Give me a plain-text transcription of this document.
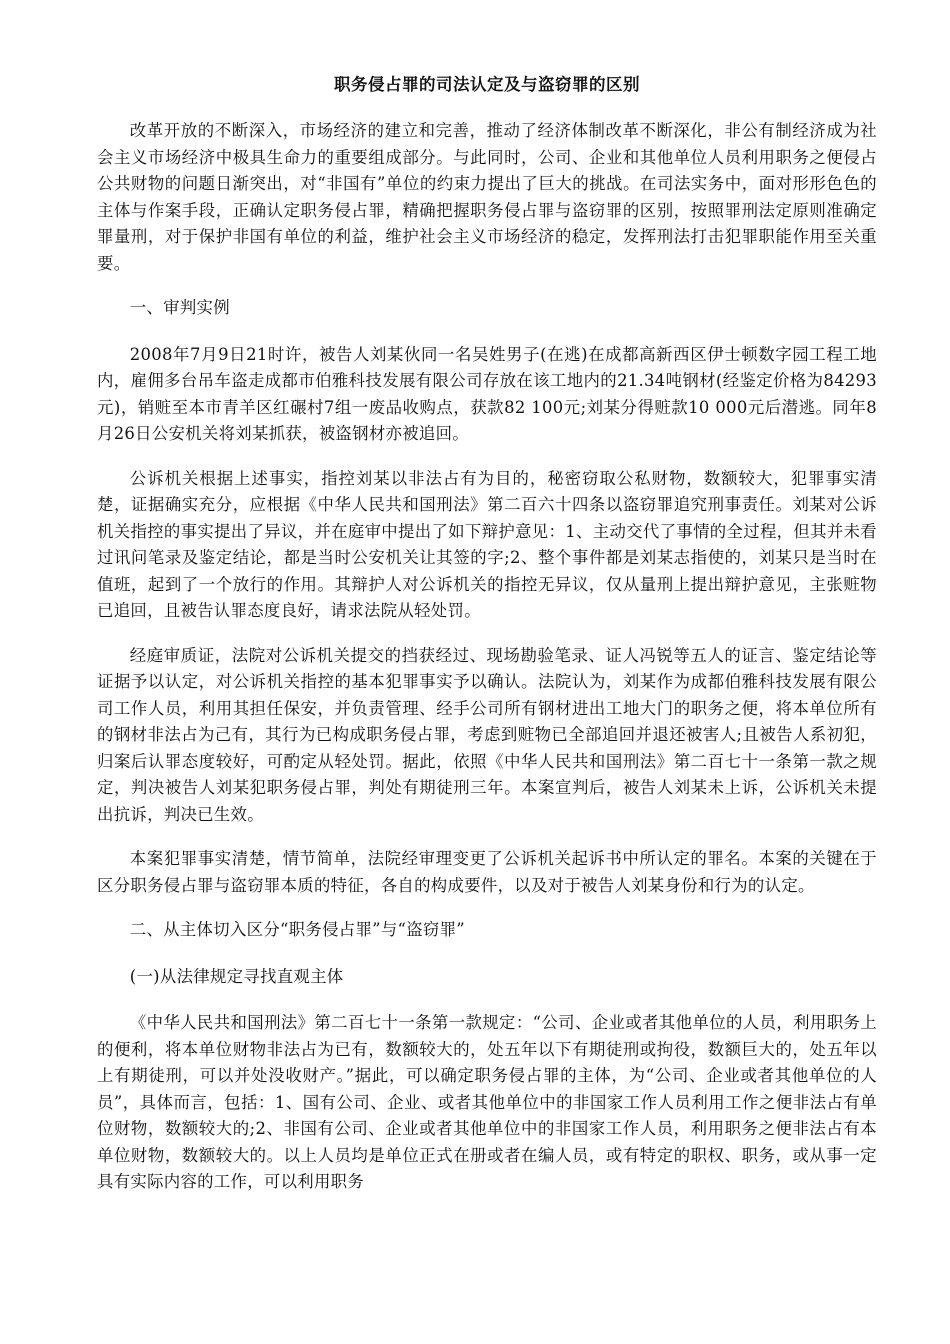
职务侵占罪的司法认定及与盗窃罪的区别

改革开放的不断深入，市场经济的建立和完善，推动了经济体制改革不断深化，非公有制经济成为社会主义市场经济中极具生命力的重要组成部分。与此同时，公司、企业和其他单位人员利用职务之便侵占公共财物的问题日渐突出，对“非国有”单位的约束力提出了巨大的挑战。在司法实务中，面对形形色色的主体与作案手段，正确认定职务侵占罪，精确把握职务侵占罪与盗窃罪的区别，按照罪刑法定原则准确定罪量刑，对于保护非国有单位的利益，维护社会主义市场经济的稳定，发挥刑法打击犯罪职能作用至关重要。

一、审判实例

2008年7月9日21时许，被告人刘某伙同一名吴姓男子(在逃)在成都高新西区伊士顿数字园工程工地内，雇佣多台吊车盗走成都市伯雅科技发展有限公司存放在该工地内的21.34吨钢材(经鉴定价格为84293元)，销赃至本市青羊区红碾村7组一废品收购点，获款82 100元;刘某分得赃款10 000元后潜逃。同年8月26日公安机关将刘某抓获，被盗钢材亦被追回。

公诉机关根据上述事实，指控刘某以非法占有为目的，秘密窃取公私财物，数额较大，犯罪事实清楚，证据确实充分，应根据《中华人民共和国刑法》第二百六十四条以盗窃罪追究刑事责任。刘某对公诉机关指控的事实提出了异议，并在庭审中提出了如下辩护意见：1、主动交代了事情的全过程，但其并未看过讯问笔录及鉴定结论，都是当时公安机关让其签的字;2、整个事件都是刘某志指使的，刘某只是当时在值班，起到了一个放行的作用。其辩护人对公诉机关的指控无异议，仅从量刑上提出辩护意见，主张赃物已追回，且被告认罪态度良好，请求法院从轻处罚。

经庭审质证，法院对公诉机关提交的挡获经过、现场勘验笔录、证人冯锐等五人的证言、鉴定结论等证据予以认定，对公诉机关指控的基本犯罪事实予以确认。法院认为，刘某作为成都伯雅科技发展有限公司工作人员，利用其担任保安，并负责管理、经手公司所有钢材进出工地大门的职务之便，将本单位所有的钢材非法占为己有，其行为已构成职务侵占罪，考虑到赃物已全部追回并退还被害人;且被告人系初犯，归案后认罪态度较好，可酌定从轻处罚。据此，依照《中华人民共和国刑法》第二百七十一条第一款之规定，判决被告人刘某犯职务侵占罪，判处有期徒刑三年。本案宣判后，被告人刘某未上诉，公诉机关未提出抗诉，判决已生效。

本案犯罪事实清楚，情节简单，法院经审理变更了公诉机关起诉书中所认定的罪名。本案的关键在于区分职务侵占罪与盗窃罪本质的特征，各自的构成要件，以及对于被告人刘某身份和行为的认定。

二、从主体切入区分“职务侵占罪”与“盗窃罪”

(一)从法律规定寻找直观主体

《中华人民共和国刑法》第二百七十一条第一款规定：“公司、企业或者其他单位的人员，利用职务上的便利，将本单位财物非法占为已有，数额较大的，处五年以下有期徒刑或拘役，数额巨大的，处五年以上有期徒刑，可以并处没收财产。”据此，可以确定职务侵占罪的主体，为“公司、企业或者其他单位的人员”，具体而言，包括：1、国有公司、企业、或者其他单位中的非国家工作人员利用工作之便非法占有单位财物，数额较大的;2、非国有公司、企业或者其他单位中的非国家工作人员，利用职务之便非法占有本单位财物，数额较大的。以上人员均是单位正式在册或者在编人员，或有特定的职权、职务，或从事一定具有实际内容的工作，可以利用职务
